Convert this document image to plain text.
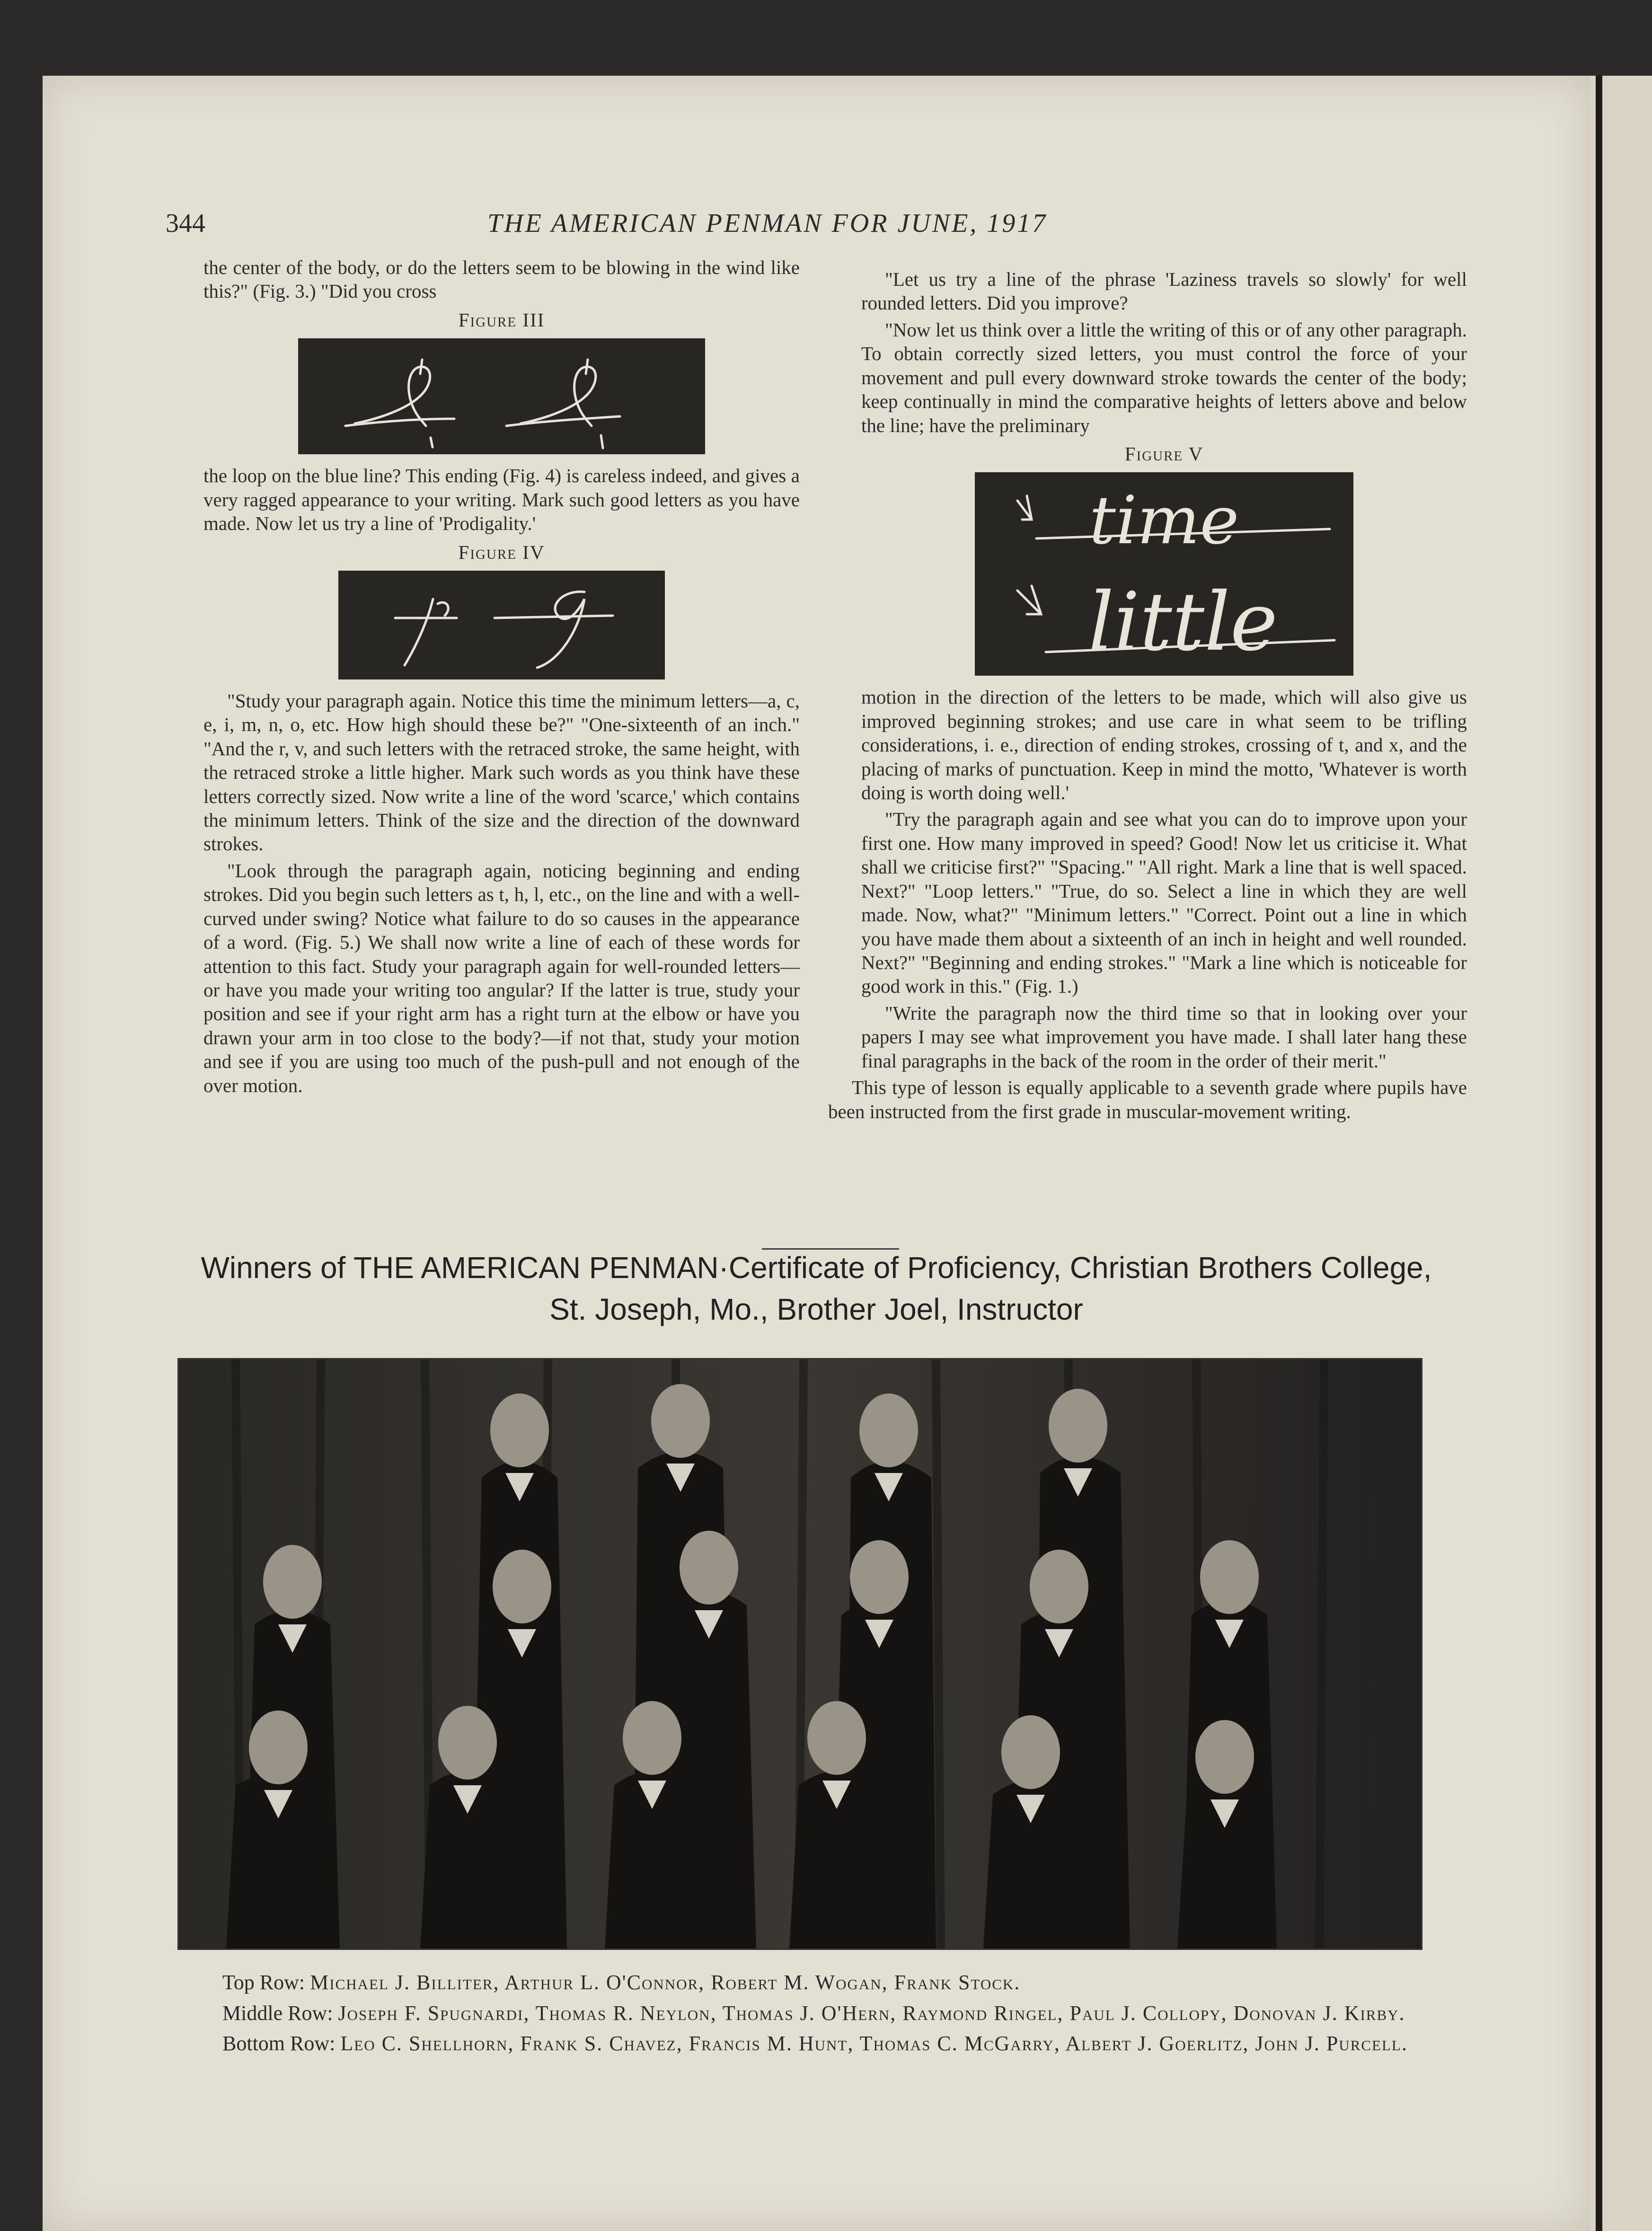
344	THE AMERICAN PENMAN FOR JUNE, 1917

the center of the body, or do the letters seem to be blowing in the wind like this?" (Fig. 3.) "Did you cross

Figure III

the loop on the blue line? This ending (Fig. 4) is careless indeed, and gives a very ragged appearance to your writing. Mark such good letters as you have made. Now let us try a line of 'Prodigality.'

Figure IV

"Study your paragraph again. Notice this time the minimum letters—a, c, e, i, m, n, o, etc. How high should these be?" "One-sixteenth of an inch." "And the r, v, and such letters with the retraced stroke, the same height, with the retraced stroke a little higher. Mark such words as you think have these letters correctly sized. Now write a line of the word 'scarce,' which contains the minimum letters. Think of the size and the direction of the downward strokes.

"Look through the paragraph again, noticing beginning and ending strokes. Did you begin such letters as t, h, l, etc., on the line and with a well-curved under swing? Notice what failure to do so causes in the appearance of a word. (Fig. 5.) We shall now write a line of each of these words for attention to this fact. Study your paragraph again for well-rounded letters—or have you made your writing too angular? If the latter is true, study your position and see if your right arm has a right turn at the elbow or have you drawn your arm in too close to the body?—if not that, study your motion and see if you are using too much of the push-pull and not enough of the over motion.

"Let us try a line of the phrase 'Laziness travels so slowly' for well rounded letters. Did you improve?

"Now let us think over a little the writing of this or of any other paragraph. To obtain correctly sized letters, you must control the force of your movement and pull every downward stroke towards the center of the body; keep continually in mind the comparative heights of letters above and below the line; have the preliminary

Figure V
time
little

motion in the direction of the letters to be made, which will also give us improved beginning strokes; and use care in what seem to be trifling considerations, i. e., direction of ending strokes, crossing of t, and x, and the placing of marks of punctuation. Keep in mind the motto, 'Whatever is worth doing is worth doing well.'

"Try the paragraph again and see what you can do to improve upon your first one. How many improved in speed? Good! Now let us criticise it. What shall we criticise first?" "Spacing." "All right. Mark a line that is well spaced. Next?" "Loop letters." "True, do so. Select a line in which they are well made. Now, what?" "Minimum letters." "Correct. Point out a line in which you have made them about a sixteenth of an inch in height and well rounded. Next?" "Beginning and ending strokes." "Mark a line which is noticeable for good work in this." (Fig. 1.)

"Write the paragraph now the third time so that in looking over your papers I may see what improvement you have made. I shall later hang these final paragraphs in the back of the room in the order of their merit."

This type of lesson is equally applicable to a seventh grade where pupils have been instructed from the first grade in muscular-movement writing.

Winners of THE AMERICAN PENMAN·Certificate of Proficiency, Christian Brothers College,
St. Joseph, Mo., Brother Joel, Instructor

Top Row: Michael J. Billiter, Arthur L. O'Connor, Robert M. Wogan, Frank Stock.

Middle Row: Joseph F. Spugnardi, Thomas R. Neylon, Thomas J. O'Hern, Raymond Ringel, Paul J. Collopy, Donovan J. Kirby.

Bottom Row: Leo C. Shellhorn, Frank S. Chavez, Francis M. Hunt, Thomas C. McGarry, Albert J. Goerlitz, John J. Purcell.
